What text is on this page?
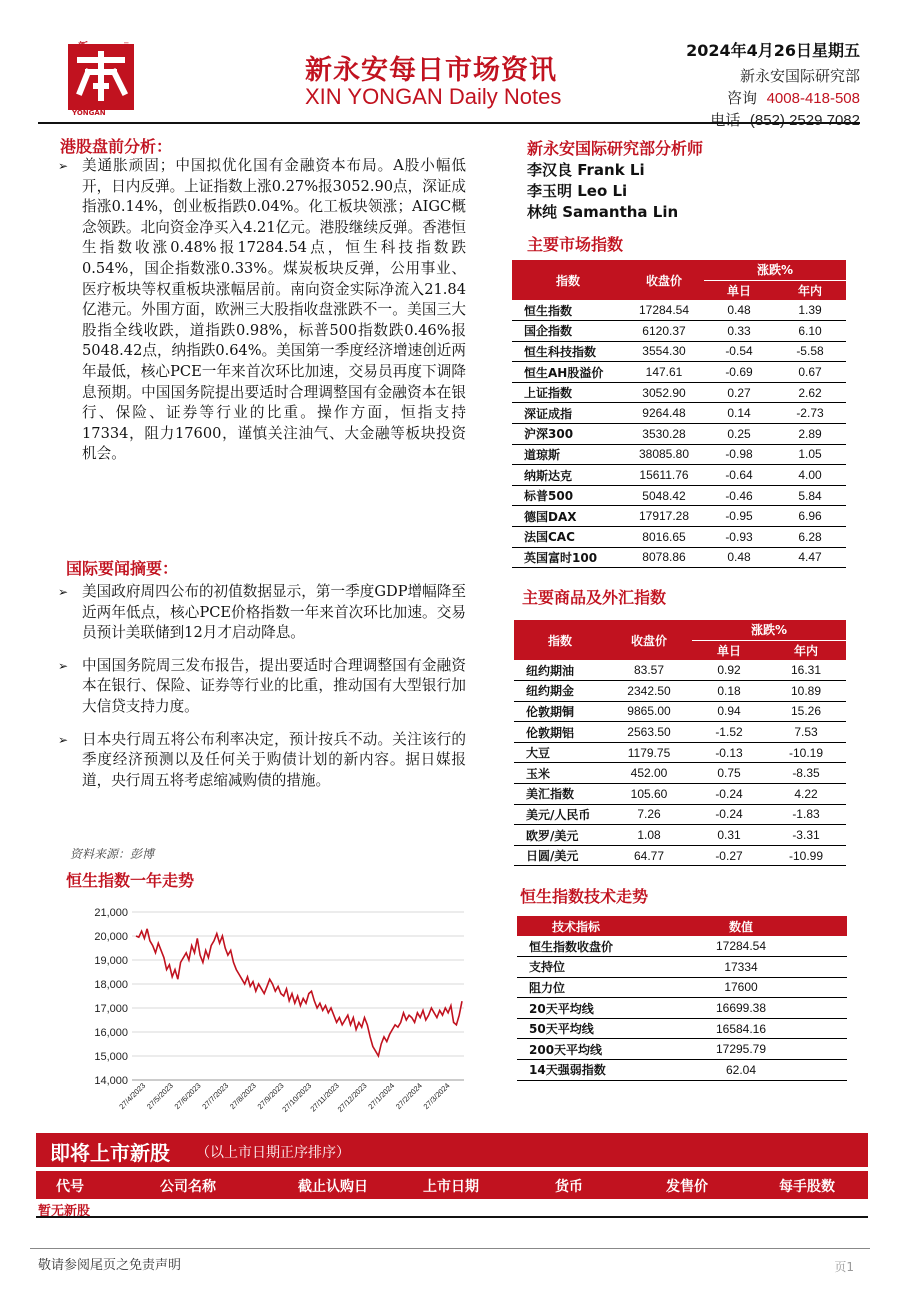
新	INTL
YONGAN
新永安每日市场资讯
XIN YONGAN Daily Notes
2024年4月26日星期五
新永安国际研究部
咨询 4008-418-508
电话 (852) 2529 7082
港股盘前分析：
➢ 美通胀顽固；中国拟优化国有金融资本布局。A股小幅低开，日内反弹。上证指数上涨0.27%报3052.90点，深证成指涨0.14%，创业板指跌0.04%。化工板块领涨；AIGC概念领跌。北向资金净买入4.21亿元。港股继续反弹。香港恒生指数收涨0.48%报17284.54点，恒生科技指数跌0.54%，国企指数涨0.33%。煤炭板块反弹，公用事业、医疗板块等权重板块涨幅居前。南向资金实际净流入21.84亿港元。外围方面，欧洲三大股指收盘涨跌不一。美国三大股指全线收跌，道指跌0.98%，标普500指数跌0.46%报5048.42点，纳指跌0.64%。美国第一季度经济增速创近两年最低，核心PCE一年来首次环比加速，交易员再度下调降息预期。中国国务院提出要适时合理调整国有金融资本在银行、保险、证券等行业的比重。操作方面，恒指支持17334，阻力17600，谨慎关注油气、大金融等板块投资机会。
国际要闻摘要：
➢ 美国政府周四公布的初值数据显示，第一季度GDP增幅降至近两年低点，核心PCE价格指数一年来首次环比加速。交易员预计美联储到12月才启动降息。
➢ 中国国务院周三发布报告，提出要适时合理调整国有金融资本在银行、保险、证券等行业的比重，推动国有大型银行加大信贷支持力度。
➢ 日本央行周五将公布利率决定，预计按兵不动。关注该行的季度经济预测以及任何关于购债计划的新内容。据日媒报道，央行周五将考虑缩减购债的措施。
资料来源：彭博
恒生指数一年走势
21,000
20,000
19,000
18,000
17,000
16,000
15,000
14,000
27/4/2023
27/5/2023
27/6/2023
27/7/2023
27/8/2023
27/9/2023
27/10/2023
27/11/2023
27/12/2023
27/1/2024
27/2/2024
27/3/2024
新永安国际研究部分析师
李汉良 Frank Li
李玉明 Leo Li
林纯 Samantha Lin
主要市场指数
指数	收盘价	涨跌%	
		单日	年内
恒生指数	17284.54	0.48	1.39
国企指数	6120.37	0.33	6.10
恒生科技指数	3554.30	-0.54	-5.58
恒生AH股溢价	147.61	-0.69	0.67
上证指数	3052.90	0.27	2.62
深证成指	9264.48	0.14	-2.73
沪深300	3530.28	0.25	2.89
道琼斯	38085.80	-0.98	1.05
纳斯达克	15611.76	-0.64	4.00
标普500	5048.42	-0.46	5.84
德国DAX	17917.28	-0.95	6.96
法国CAC	8016.65	-0.93	6.28
英国富时100	8078.86	0.48	4.47
主要商品及外汇指数
指数	收盘价	涨跌%	
		单日	年内
纽约期油	83.57	0.92	16.31
纽约期金	2342.50	0.18	10.89
伦敦期铜	9865.00	0.94	15.26
伦敦期铝	2563.50	-1.52	7.53
大豆	1179.75	-0.13	-10.19
玉米	452.00	0.75	-8.35
美汇指数	105.60	-0.24	4.22
美元/人民币	7.26	-0.24	-1.83
欧罗/美元	1.08	0.31	-3.31
日圆/美元	64.77	-0.27	-10.99
恒生指数技术走势
技术指标	数值
恒生指数收盘价	17284.54
支持位	17334
阻力位	17600
20天平均线	16699.38
50天平均线	16584.16
200天平均线	17295.79
14天强弱指数	62.04
即将上市新股 （以上市日期正序排序）
代号	公司名称	截止认购日	上市日期	货币	发售价	每手股数
暂无新股
敬请参阅尾页之免责声明	页1
